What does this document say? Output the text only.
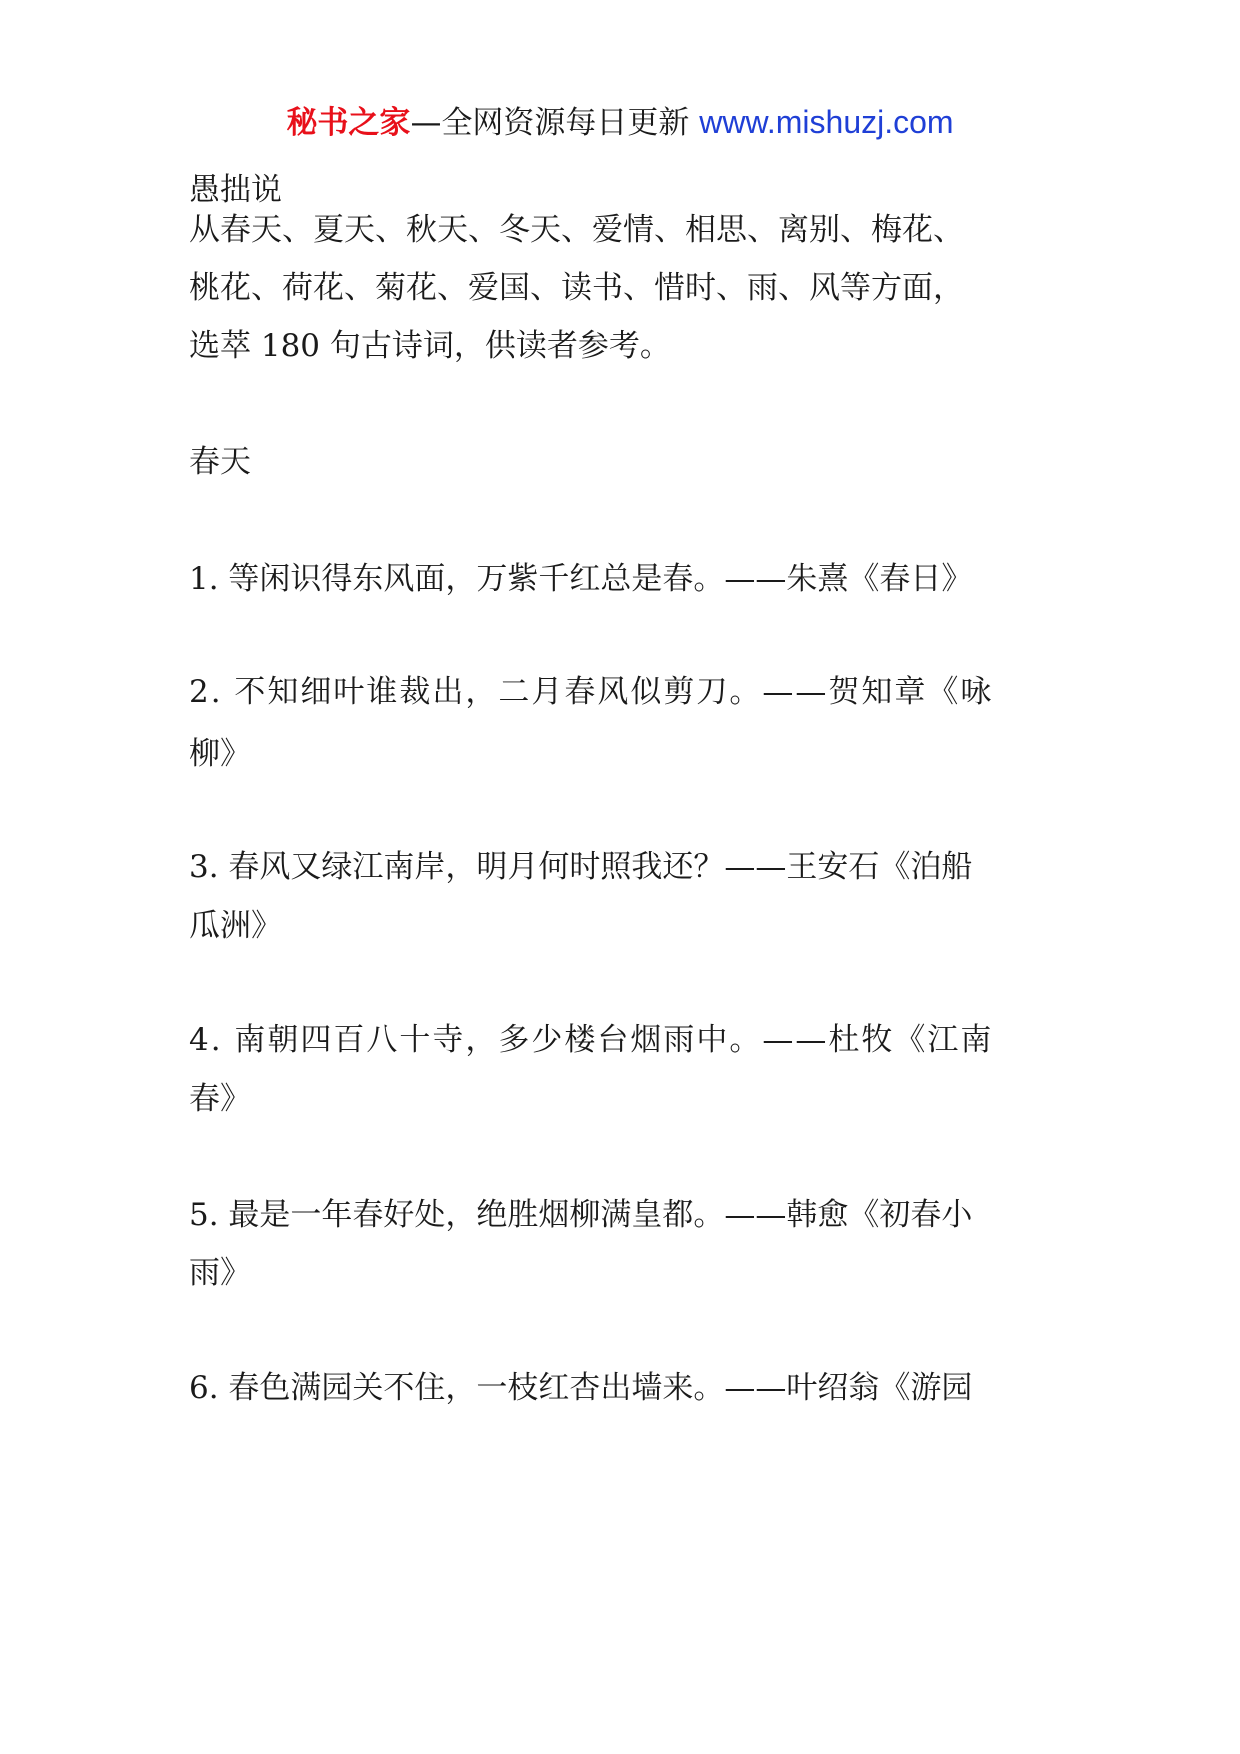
秘书之家—全网资源每日更新 www.mishuzj.com
愚拙说
从春天、夏天、秋天、冬天、爱情、相思、离别、梅花、
桃花、荷花、菊花、爱国、读书、惜时、雨、风等方面，
选萃 180 句古诗词，供读者参考。
春天
1. 等闲识得东风面，万紫千红总是春。——朱熹《春日》
2. 不知细叶谁裁出，二月春风似剪刀。——贺知章《咏
柳》
3. 春风又绿江南岸，明月何时照我还？——王安石《泊船
瓜洲》
4. 南朝四百八十寺，多少楼台烟雨中。——杜牧《江南
春》
5. 最是一年春好处，绝胜烟柳满皇都。——韩愈《初春小
雨》
6. 春色满园关不住，一枝红杏出墙来。——叶绍翁《游园
